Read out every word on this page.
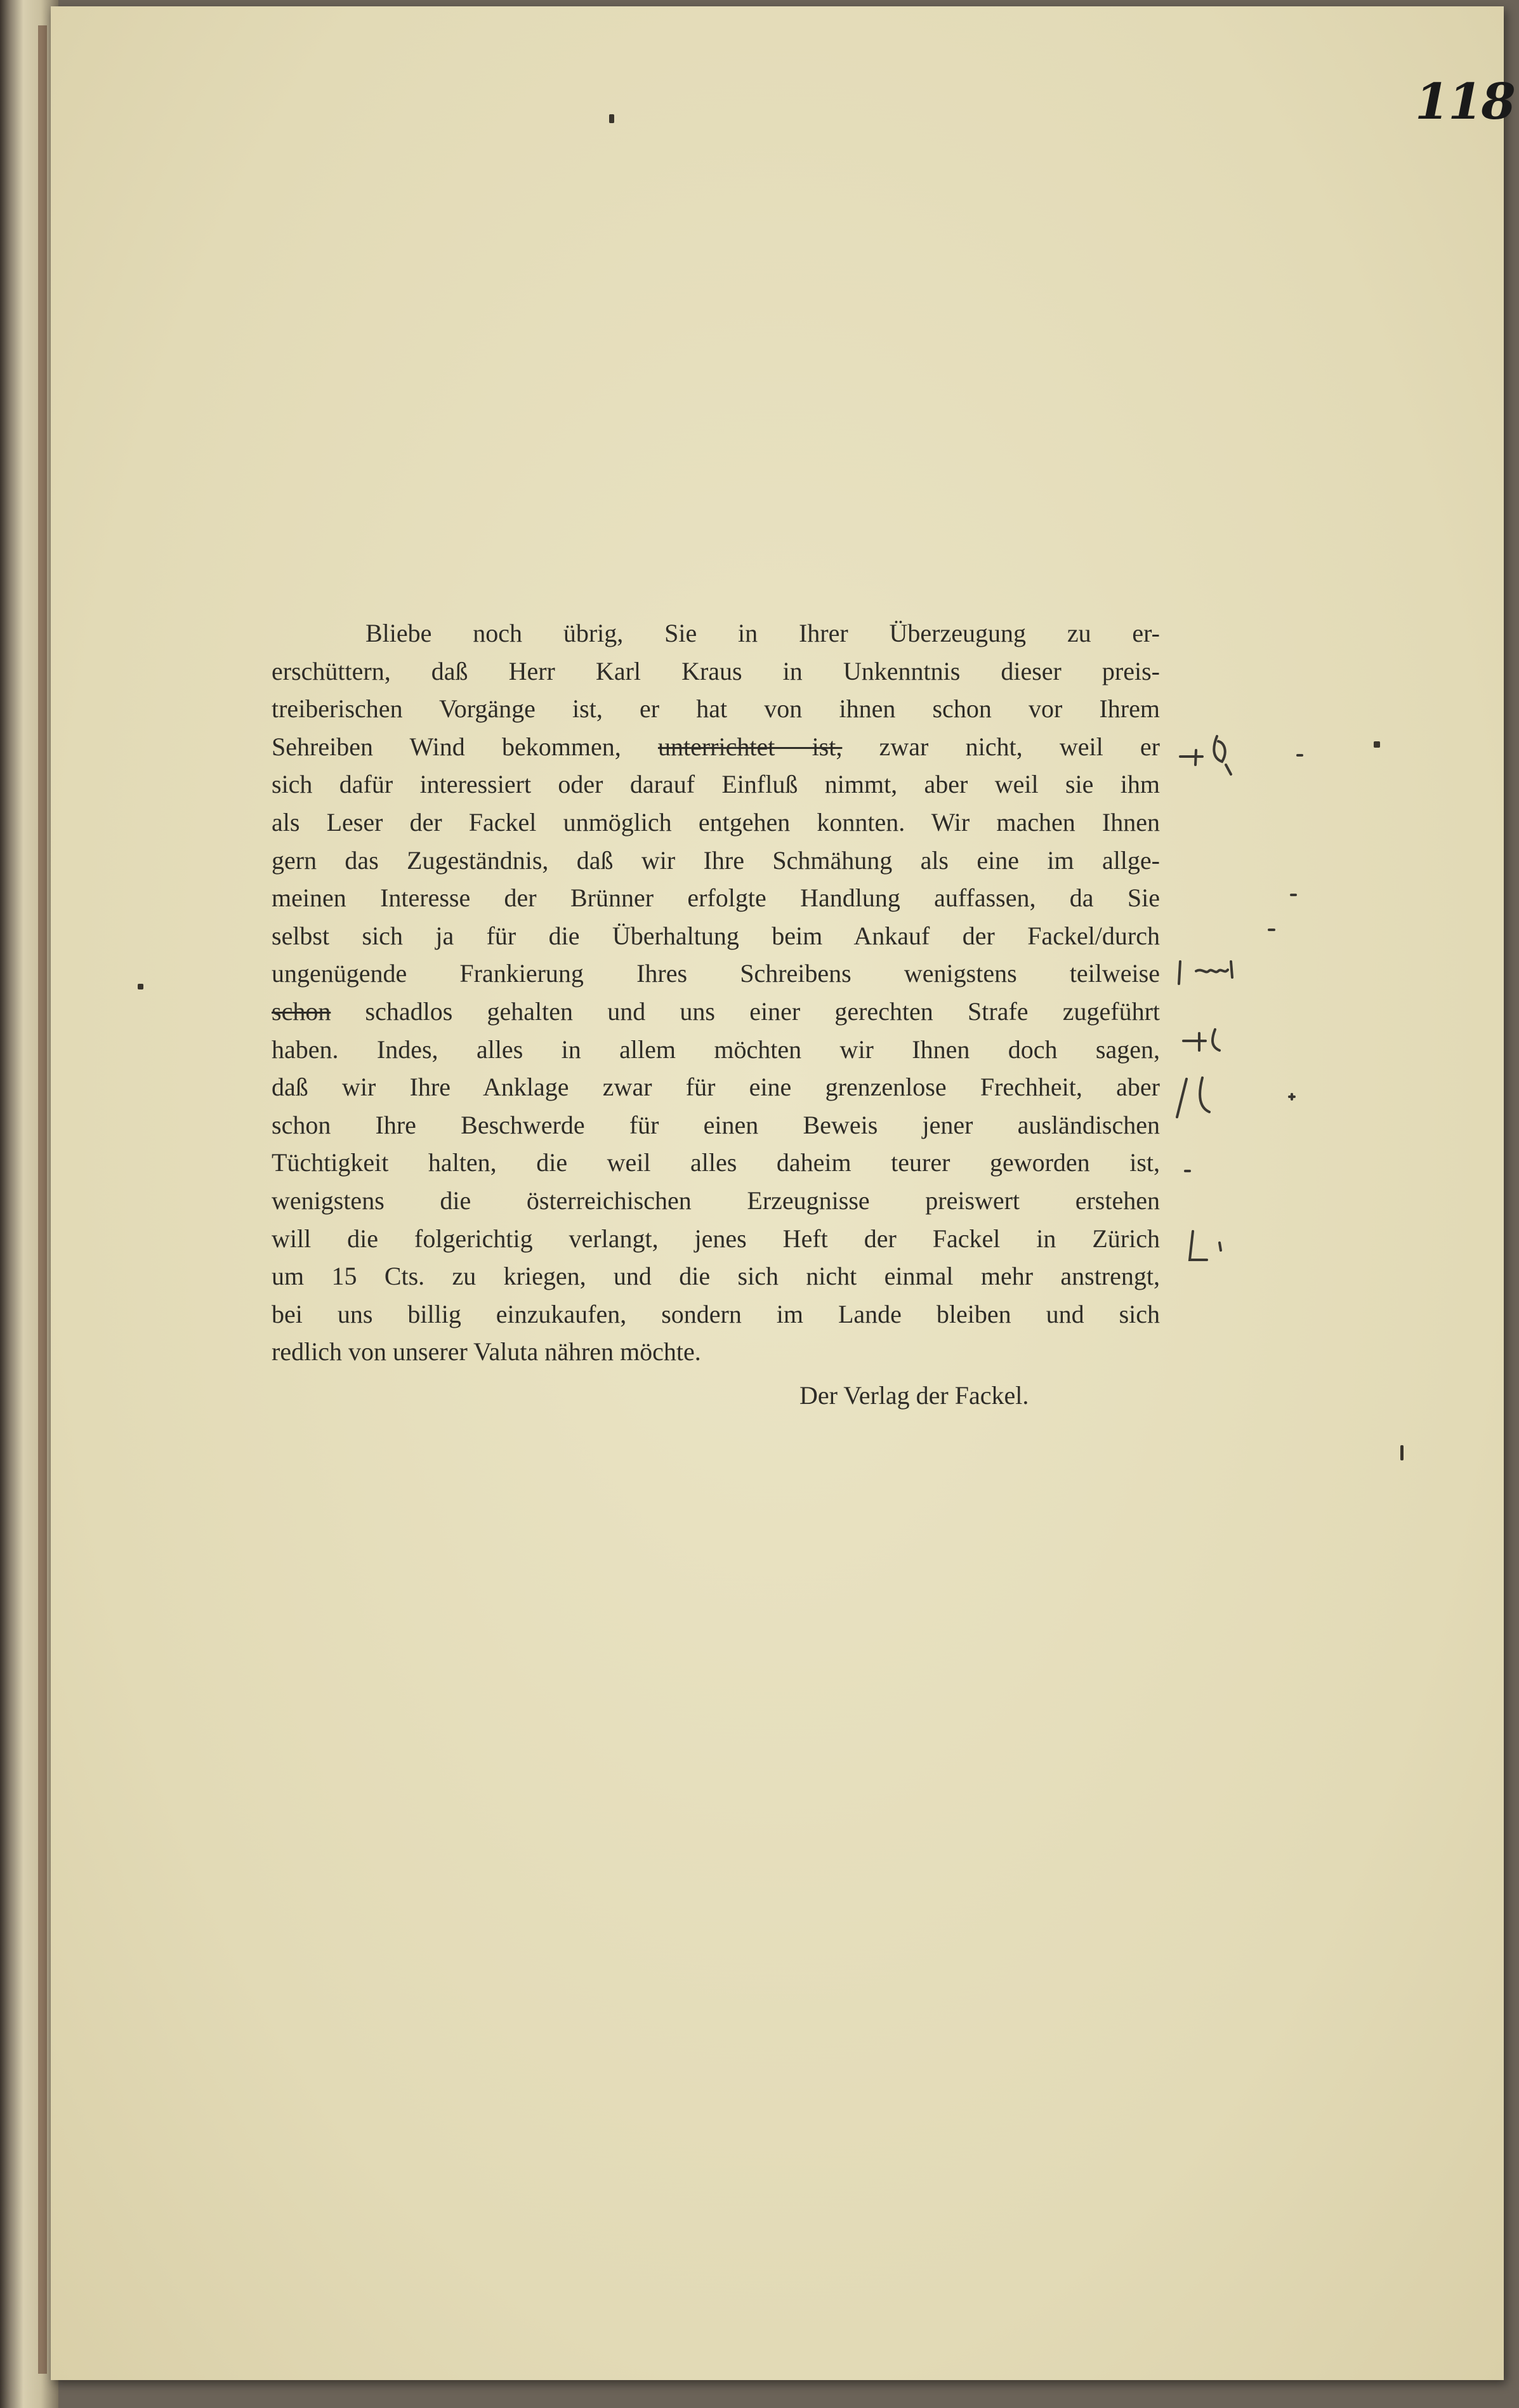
118
Bliebe noch übrig, Sie in Ihrer Überzeugung zu er-
erschüttern, daß Herr Karl Kraus in Unkenntnis dieser preis-
treiberischen Vorgänge ist, er hat von ihnen schon vor Ihrem
Sehreiben Wind bekommen, unterrichtet ist, zwar nicht, weil er
sich dafür interessiert oder darauf Einfluß nimmt, aber weil sie ihm
als Leser der Fackel unmöglich entgehen konnten. Wir machen Ihnen
gern das Zugeständnis, daß wir Ihre Schmähung als eine im allge-
meinen Interesse der Brünner erfolgte Handlung auffassen, da Sie
selbst sich ja für die Überhaltung beim Ankauf der Fackel/durch
ungenügende Frankierung Ihres Schreibens wenigstens teilweise
schon schadlos gehalten und uns einer gerechten Strafe zugeführt
haben. Indes, alles in allem möchten wir Ihnen doch sagen,
daß wir Ihre Anklage zwar für eine grenzenlose Frechheit, aber
schon Ihre Beschwerde für einen Beweis jener ausländischen
Tüchtigkeit halten, die weil alles daheim teurer geworden ist,
wenigstens die österreichischen Erzeugnisse preiswert erstehen
will die folgerichtig verlangt, jenes Heft der Fackel in Zürich
um 15 Cts. zu kriegen, und die sich nicht einmal mehr anstrengt,
bei uns billig einzukaufen, sondern im Lande bleiben und sich
redlich von unserer Valuta nähren möchte.
Der Verlag der Fackel.
